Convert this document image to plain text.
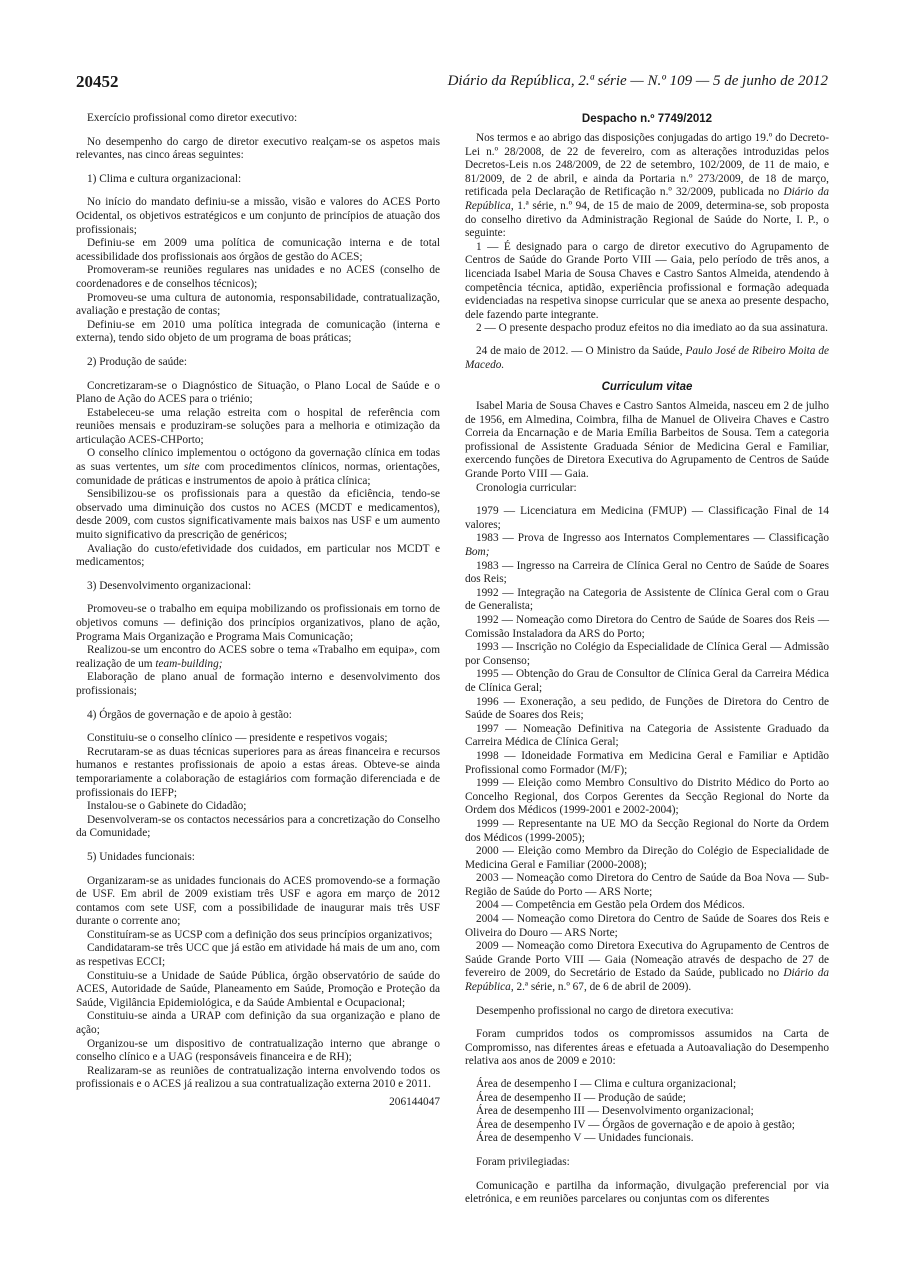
20452	Diário da República, 2.ª série — N.º 109 — 5 de junho de 2012

Exercício profissional como diretor executivo:

No desempenho do cargo de diretor executivo realçam-se os aspetos mais relevantes, nas cinco áreas seguintes:

1) Clima e cultura organizacional:

No início do mandato definiu-se a missão, visão e valores do ACES Porto Ocidental, os objetivos estratégicos e um conjunto de princípios de atuação dos profissionais;

Definiu-se em 2009 uma política de comunicação interna e de total acessibilidade dos profissionais aos órgãos de gestão do ACES;

Promoveram-se reuniões regulares nas unidades e no ACES (conselho de coordenadores e de conselhos técnicos);

Promoveu-se uma cultura de autonomia, responsabilidade, contratualização, avaliação e prestação de contas;

Definiu-se em 2010 uma política integrada de comunicação (interna e externa), tendo sido objeto de um programa de boas práticas;

2) Produção de saúde:

Concretizaram-se o Diagnóstico de Situação, o Plano Local de Saúde e o Plano de Ação do ACES para o triénio;

Estabeleceu-se uma relação estreita com o hospital de referência com reuniões mensais e produziram-se soluções para a melhoria e otimização da articulação ACES-CHPorto;

O conselho clínico implementou o octógono da governação clínica em todas as suas vertentes, um site com procedimentos clínicos, normas, orientações, comunidade de práticas e instrumentos de apoio à prática clínica;

Sensibilizou-se os profissionais para a questão da eficiência, tendo-se observado uma diminuição dos custos no ACES (MCDT e medicamentos), desde 2009, com custos significativamente mais baixos nas USF e um aumento muito significativo da prescrição de genéricos;

Avaliação do custo/efetividade dos cuidados, em particular nos MCDT e medicamentos;

3) Desenvolvimento organizacional:

Promoveu-se o trabalho em equipa mobilizando os profissionais em torno de objetivos comuns — definição dos princípios organizativos, plano de ação, Programa Mais Organização e Programa Mais Comunicação;

Realizou-se um encontro do ACES sobre o tema «Trabalho em equipa», com realização de um team-building;

Elaboração de plano anual de formação interno e desenvolvimento dos profissionais;

4) Órgãos de governação e de apoio à gestão:

Constituiu-se o conselho clínico — presidente e respetivos vogais;

Recrutaram-se as duas técnicas superiores para as áreas financeira e recursos humanos e restantes profissionais de apoio a estas áreas. Obteve-se ainda temporariamente a colaboração de estagiários com formação diferenciada e de profissionais do IEFP;

Instalou-se o Gabinete do Cidadão;

Desenvolveram-se os contactos necessários para a concretização do Conselho da Comunidade;

5) Unidades funcionais:

Organizaram-se as unidades funcionais do ACES promovendo-se a formação de USF. Em abril de 2009 existiam três USF e agora em março de 2012 contamos com sete USF, com a possibilidade de inaugurar mais três USF durante o corrente ano;

Constituíram-se as UCSP com a definição dos seus princípios organizativos;

Candidataram-se três UCC que já estão em atividade há mais de um ano, com as respetivas ECCI;

Constituiu-se a Unidade de Saúde Pública, órgão observatório de saúde do ACES, Autoridade de Saúde, Planeamento em Saúde, Promoção e Proteção da Saúde, Vigilância Epidemiológica, e da Saúde Ambiental e Ocupacional;

Constituiu-se ainda a URAP com definição da sua organização e plano de ação;

Organizou-se um dispositivo de contratualização interno que abrange o conselho clínico e a UAG (responsáveis financeira e de RH);

Realizaram-se as reuniões de contratualização interna envolvendo todos os profissionais e o ACES já realizou a sua contratualização externa 2010 e 2011.

206144047

Despacho n.º 7749/2012

Nos termos e ao abrigo das disposições conjugadas do artigo 19.º do Decreto-Lei n.º 28/2008, de 22 de fevereiro, com as alterações introduzidas pelos Decretos-Leis n.os 248/2009, de 22 de setembro, 102/2009, de 11 de maio, e 81/2009, de 2 de abril, e ainda da Portaria n.º 273/2009, de 18 de março, retificada pela Declaração de Retificação n.º 32/2009, publicada no Diário da República, 1.ª série, n.º 94, de 15 de maio de 2009, determina-se, sob proposta do conselho diretivo da Administração Regional de Saúde do Norte, I. P., o seguinte:

1 — É designado para o cargo de diretor executivo do Agrupamento de Centros de Saúde do Grande Porto VIII — Gaia, pelo período de três anos, a licenciada Isabel Maria de Sousa Chaves e Castro Santos Almeida, atendendo à competência técnica, aptidão, experiência profissional e formação adequada evidenciadas na respetiva sinopse curricular que se anexa ao presente despacho, dele fazendo parte integrante.

2 — O presente despacho produz efeitos no dia imediato ao da sua assinatura.

24 de maio de 2012. — O Ministro da Saúde, Paulo José de Ribeiro Moita de Macedo.

Curriculum vitae

Isabel Maria de Sousa Chaves e Castro Santos Almeida, nasceu em 2 de julho de 1956, em Almedina, Coimbra, filha de Manuel de Oliveira Chaves e Castro Correia da Encarnação e de Maria Emília Barbeitos de Sousa. Tem a categoria profissional de Assistente Graduada Sénior de Medicina Geral e Familiar, exercendo funções de Diretora Executiva do Agrupamento de Centros de Saúde Grande Porto VIII — Gaia.

Cronologia curricular:

1979 — Licenciatura em Medicina (FMUP) — Classificação Final de 14 valores;

1983 — Prova de Ingresso aos Internatos Complementares — Classificação Bom;

1983 — Ingresso na Carreira de Clínica Geral no Centro de Saúde de Soares dos Reis;

1992 — Integração na Categoria de Assistente de Clínica Geral com o Grau de Generalista;

1992 — Nomeação como Diretora do Centro de Saúde de Soares dos Reis — Comissão Instaladora da ARS do Porto;

1993 — Inscrição no Colégio da Especialidade de Clínica Geral — Admissão por Consenso;

1995 — Obtenção do Grau de Consultor de Clínica Geral da Carreira Médica de Clínica Geral;

1996 — Exoneração, a seu pedido, de Funções de Diretora do Centro de Saúde de Soares dos Reis;

1997 — Nomeação Definitiva na Categoria de Assistente Graduado da Carreira Médica de Clínica Geral;

1998 — Idoneidade Formativa em Medicina Geral e Familiar e Aptidão Profissional como Formador (M/F);

1999 — Eleição como Membro Consultivo do Distrito Médico do Porto ao Concelho Regional, dos Corpos Gerentes da Secção Regional do Norte da Ordem dos Médicos (1999-2001 e 2002-2004);

1999 — Representante na UE MO da Secção Regional do Norte da Ordem dos Médicos (1999-2005);

2000 — Eleição como Membro da Direção do Colégio de Especialidade de Medicina Geral e Familiar (2000-2008);

2003 — Nomeação como Diretora do Centro de Saúde da Boa Nova — Sub-Região de Saúde do Porto — ARS Norte;

2004 — Competência em Gestão pela Ordem dos Médicos.

2004 — Nomeação como Diretora do Centro de Saúde de Soares dos Reis e Oliveira do Douro — ARS Norte;

2009 — Nomeação como Diretora Executiva do Agrupamento de Centros de Saúde Grande Porto VIII — Gaia (Nomeação através de despacho de 27 de fevereiro de 2009, do Secretário de Estado da Saúde, publicado no Diário da República, 2.ª série, n.º 67, de 6 de abril de 2009).

Desempenho profissional no cargo de diretora executiva:

Foram cumpridos todos os compromissos assumidos na Carta de Compromisso, nas diferentes áreas e efetuada a Autoavaliação do Desempenho relativa aos anos de 2009 e 2010:

Área de desempenho I — Clima e cultura organizacional;
Área de desempenho II — Produção de saúde;
Área de desempenho III — Desenvolvimento organizacional;
Área de desempenho IV — Órgãos de governação e de apoio à gestão;
Área de desempenho V — Unidades funcionais.

Foram privilegiadas:

Comunicação e partilha da informação, divulgação preferencial por via eletrónica, e em reuniões parcelares ou conjuntas com os diferentes
